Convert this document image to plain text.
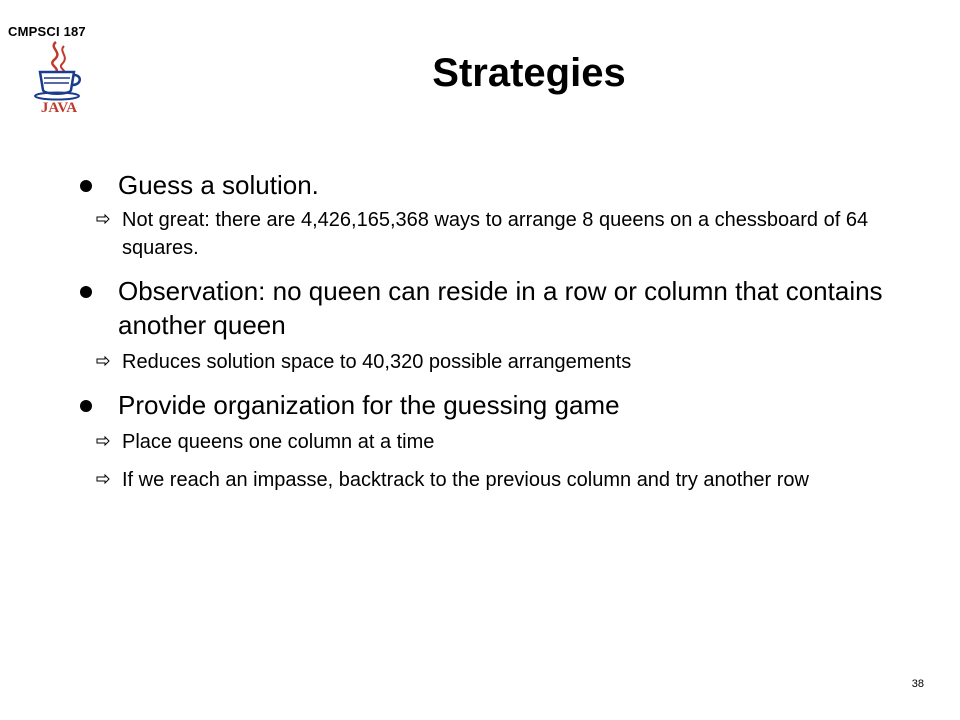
CMPSCI 187
JAVA
Strategies
Guess a solution.
Not great: there are 4,426,165,368 ways to arrange 8 queens on a chessboard of 64 squares.
Observation: no queen can reside in a row or column that contains another queen
Reduces solution space to 40,320 possible arrangements
Provide organization for the guessing game
Place queens one column at a time
If we reach an impasse, backtrack to the previous column and try another row
38
